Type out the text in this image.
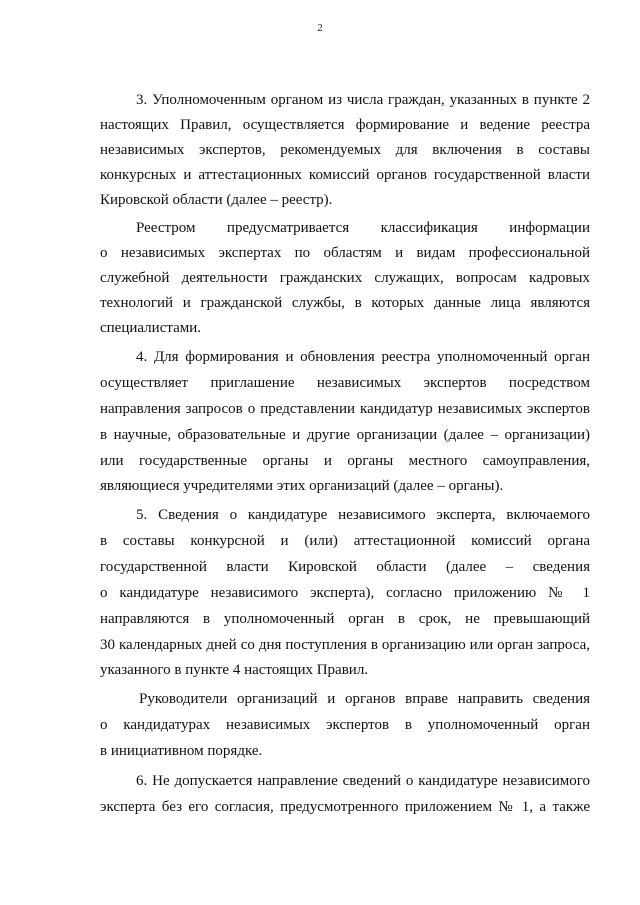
2
3. Уполномоченным органом из числа граждан, указанных в пункте 2
настоящих Правил, осуществляется формирование и ведение реестра
независимых экспертов, рекомендуемых для включения в составы
конкурсных и аттестационных комиссий органов государственной власти
Кировской области (далее – реестр).
Реестром предусматривается классификация информации
о независимых экспертах по областям и видам профессиональной
служебной деятельности гражданских служащих, вопросам кадровых
технологий и гражданской службы, в которых данные лица являются
специалистами.
4. Для формирования и обновления реестра уполномоченный орган
осуществляет приглашение независимых экспертов посредством
направления запросов о представлении кандидатур независимых экспертов
в научные, образовательные и другие организации (далее – организации)
или государственные органы и органы местного самоуправления,
являющиеся учредителями этих организаций (далее – органы).
5. Сведения о кандидатуре независимого эксперта, включаемого
в составы конкурсной и (или) аттестационной комиссий органа
государственной власти Кировской области (далее – сведения
о кандидатуре независимого эксперта), согласно приложению № 1
направляются в уполномоченный орган в срок, не превышающий
30 календарных дней со дня поступления в организацию или орган запроса,
указанного в пункте 4 настоящих Правил.
Руководители организаций и органов вправе направить сведения
о кандидатурах независимых экспертов в уполномоченный орган
в инициативном порядке.
6. Не допускается направление сведений о кандидатуре независимого
эксперта без его согласия, предусмотренного приложением № 1, а также
